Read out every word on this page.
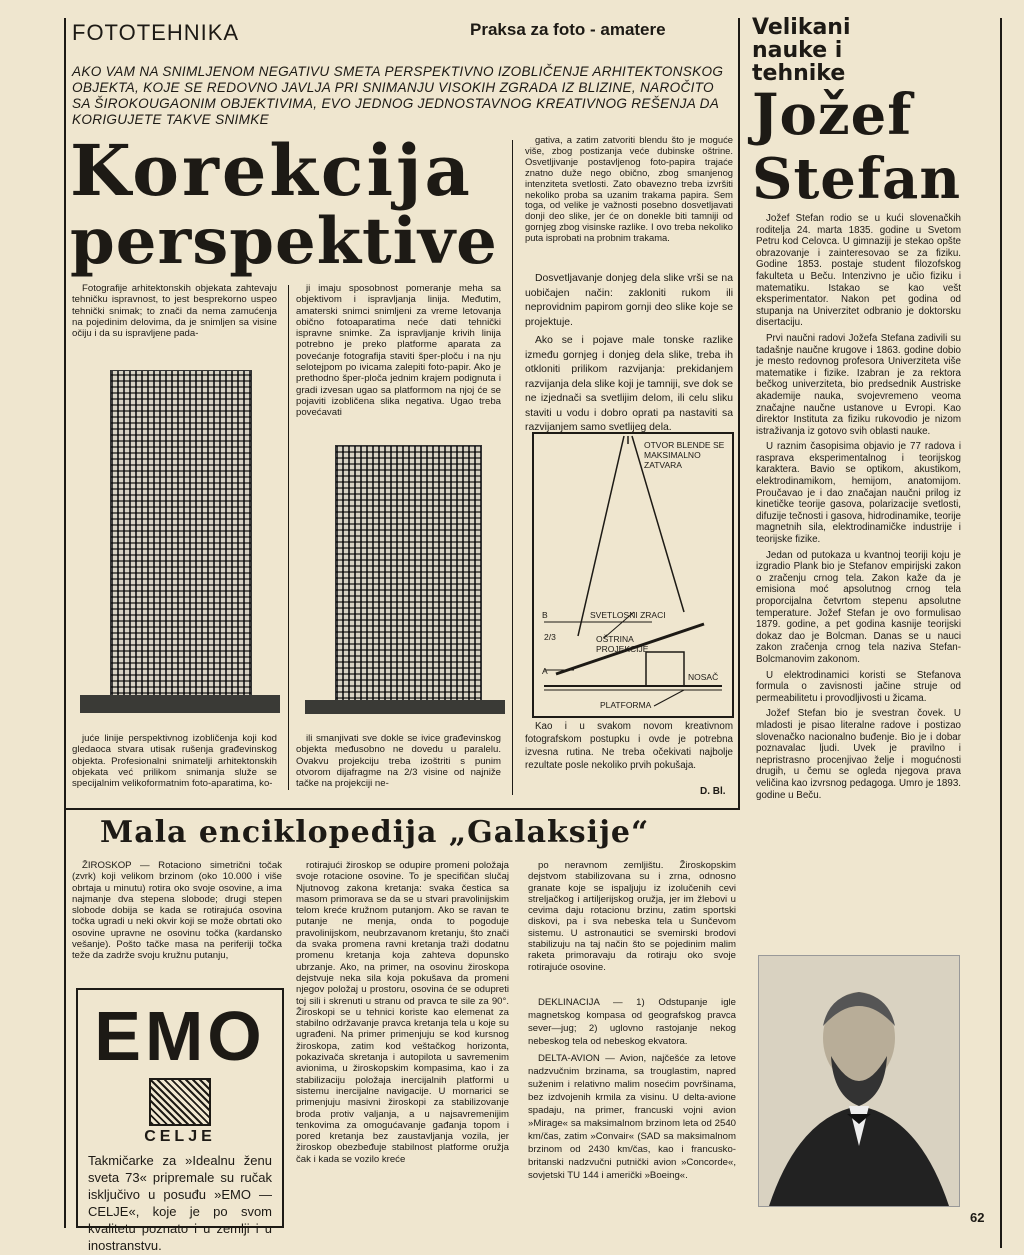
FOTOTEHNIKA	Praksa za foto - amatere	Velikani nauke i tehnike
AKO VAM NA SNIMLJENOM NEGATIVU SMETA PERSPEKTIVNO IZOBLIČENJE ARHITEKTONSKOG OBJEKTA, KOJE SE REDOVNO JAVLJA PRI SNIMANJU VISOKIH ZGRADA IZ BLIZINE, NAROČITO SA ŠIROKOUGAONIM OBJEKTIVIMA, EVO JEDNOG JEDNOSTAVNOG KREATIVNOG REŠENJA DA KORIGUJETE TAKVE SNIMKE
Korekcija
perspektive

Fotografije arhitektonskih objekata zahtevaju tehničku ispravnost, to jest besprekorno uspeo tehnički snimak; to znači da nema zamućenja na pojedinim delovima, da je snimljen sa visine očiju i da su ispravljene pada-

ji imaju sposobnost pomeranje meha sa objektivom i ispravljanja linija. Međutim, amaterski snimci snimljeni za vreme letovanja obično fotoaparatima neće dati tehnički ispravne snimke. Za ispravljanje krivih linija potrebno je preko platforme aparata za povećanje fotografija staviti šper-ploču i na nju selotejpom po ivicama zalepiti foto-papir. Ako je prethodno šper-ploča jednim krajem podignuta i gradi izvesan ugao sa platformom na njoj će se pojaviti izobličena slika negativa. Ugao treba povećavati

juće linije perspektivnog izobličenja koji kod gledaoca stvara utisak rušenja građevinskog objekta. Profesionalni snimatelji arhitektonskih objekata već prilikom snimanja služe se specijalnim velikoformatnim foto-aparatima, ko-

ili smanjivati sve dokle se ivice građevinskog objekta međusobno ne dovedu u paralelu. Ovakvu projekciju treba izoštriti s punim otvorom dijafragme na 2/3 visine od najniže tačke na projekciji ne-

gativa, a zatim zatvoriti blendu što je moguće više, zbog postizanja veće dubinske oštrine. Osvetljivanje postavljenog foto-papira trajaće znatno duže nego obično, zbog smanjenog intenziteta svetlosti. Zato obavezno treba izvršiti nekoliko proba sa uzanim trakama papira. Sem toga, od velike je važnosti posebno dosvetljavati donji deo slike, jer će on donekle biti tamniji od gornjeg zbog visinske razlike. I ovo treba nekoliko puta isprobati na probnim trakama.

Dosvetljavanje donjeg dela slike vrši se na uobičajen način: zakloniti rukom ili neprovidnim papirom gornji deo slike koje se projektuje.

Ako se i pojave male tonske razlike između gornjeg i donjeg dela slike, treba ih otkloniti prilikom razvijanja: prekidanjem razvijanja dela slike koji je tamniji, sve dok se ne izjednači sa svetlijim delom, ili celu sliku staviti u vodu i dobro oprati pa nastaviti sa razvijanjem samo svetlijeg dela.

OTVOR BLENDE SE MAKSIMALNO ZATVARA
SVETLOSNI ZRACI
OŠTRINA PROJEKCIJE
B
2/3
A
NOSAČ
PLATFORMA

Kao i u svakom novom kreativnom fotografskom postupku i ovde je potrebna izvesna rutina. Ne treba očekivati najbolje rezultate posle nekoliko prvih pokušaja.

D. Bl.
Jožef
Stefan

Jožef Stefan rodio se u kući slovenačkih roditelja 24. marta 1835. godine u Svetom Petru kod Celovca. U gimnaziji je stekao opšte obrazovanje i zainteresovao se za fiziku. Godine 1853. postaje student filozofskog fakulteta u Beču. Intenzivno je učio fiziku i matematiku. Istakao se kao vešt eksperimentator. Nakon pet godina od stupanja na Univerzitet odbranio je doktorsku disertaciju.

Prvi naučni radovi Jožefa Stefana zadivili su tadašnje naučne krugove i 1863. godine dobio je mesto redovnog profesora Univerziteta više matematike i fizike. Izabran je za rektora bečkog univerziteta, bio predsednik Austriske akademije nauka, svojevremeno veoma značajne naučne ustanove u Evropi. Kao direktor Instituta za fiziku rukovodio je nizom istraživanja iz gotovo svih oblasti nauke.

U raznim časopisima objavio je 77 radova i rasprava eksperimentalnog i teorijskog karaktera. Bavio se optikom, akustikom, elektrodinamikom, hemijom, anatomijom. Proučavao je i dao značajan naučni prilog iz kinetičke teorije gasova, polarizacije svetlosti, difuzije tečnosti i gasova, hidrodinamike, teorije magnetnih sila, elektrodinamičke industrije i teorijske fizike.

Jedan od putokaza u kvantnoj teoriji koju je izgradio Plank bio je Stefanov empirijski zakon o zračenju crnog tela. Zakon kaže da je emisiona moć apsolutnog crnog tela proporcijalna četvrtom stepenu apsolutne temperature. Jožef Stefan je ovo formulisao 1879. godine, a pet godina kasnije teorijski dokaz dao je Bolcman. Danas se u nauci zakon zračenja crnog tela naziva Stefan-Bolcmanovim zakonom.

U elektrodinamici koristi se Stefanova formula o zavisnosti jačine struje od permeabilitetu i provodljivosti u žicama.

Jožef Stefan bio je svestran čovek. U mladosti je pisao literalne radove i postizao slovenačko nacionalno buđenje. Bio je i dobar poznavalac ljudi. Uvek je pravilno i nepristrasno procenjivao želje i mogućnosti drugih, u čemu se ogleda njegova prava veličina kao izvrsnog pedagoga. Umro je 1893. godine u Beču.

Mala enciklopedija „Galaksije“

ŽIROSKOP — Rotaciono simetrični točak (zvrk) koji velikom brzinom (oko 10.000 i više obrtaja u minutu) rotira oko svoje osovine, a ima najmanje dva stepena slobode; drugi stepen slobode dobija se kada se rotirajuća osovina točka ugradi u neki okvir koji se može obrtati oko osovine upravne ne osovinu točka (kardansko vešanje). Pošto tačke masa na periferiji točka teže da zadrže svoju kružnu putanju,

rotirajući žiroskop se odupire promeni položaja svoje rotacione osovine. To je specifičan slučaj Njutnovog zakona kretanja: svaka čestica sa masom primorava se da se u stvari pravolinijskim telom kreće kružnom putanjom. Ako se ravan te putanje ne menja, onda to pogoduje pravolinijskom, neubrzavanom kretanju, što znači da svaka promena ravni kretanja traži dodatnu promenu kretanja koja zahteva dopunsko ubrzanje. Ako, na primer, na osovinu žiroskopa dejstvuje neka sila koja pokušava da promeni njegov položaj u prostoru, osovina će se odupreti toj sili i skrenuti u stranu od pravca te sile za 90°. Žiroskopi se u tehnici koriste kao elemenat za stabilno održavanje pravca kretanja tela u koje su ugrađeni. Na primer primenjuju se kod kursnog žiroskopa, zatim kod veštačkog horizonta, pokazivača skretanja i autopilota u savremenim avionima, u žiroskopskim kompasima, kao i za stabilizaciju položaja inercijalnih platformi u sistemu inercijalne navigacije. U mornarici se primenjuju masivni žiroskopi za stabilizovanje broda protiv valjanja, a u najsavremenijim tenkovima za omogućavanje gađanja topom i pored kretanja bez zaustavljanja vozila, jer žiroskop obezbeđuje stabilnost platforme oružja čak i kada se vozilo kreće

po neravnom zemljištu. Žiroskopskim dejstvom stabilizovana su i zrna, odnosno granate koje se ispaljuju iz izolučenih cevi streljačkog i artiljerijskog oružja, jer im žlebovi u cevima daju rotacionu brzinu, zatim sportski diskovi, pa i sva nebeska tela u Sunčevom sistemu. U astronautici se svemirski brodovi stabilizuju na taj način što se pojedinim malim raketa primoravaju da rotiraju oko svoje rotirajuće osovine.

DEKLINACIJA — 1) Odstupanje igle magnetskog kompasa od geografskog pravca sever—jug; 2) uglovno rastojanje nekog nebeskog tela od nebeskog ekvatora.

DELTA-AVION — Avion, najčešće za letove nadzvučnim brzinama, sa trouglastim, napred suženim i relativno malim nosećim površinama, bez izdvojenih krmila za visinu. U delta-avione spadaju, na primer, francuski vojni avion »Mirage« sa maksimalnom brzinom leta od 2540 km/čas, zatim »Convair« (SAD sa maksimalnom brzinom od 2430 km/čas, kao i francusko-britanski nadzvučni putnički avion »Concorde«, sovjetski TU 144 i američki »Boeing«.

EMO
CELJE
Takmičarke za »Idealnu ženu sveta 73« pripremale su ručak isključivo u posuđu »EMO — CELJE«, koje je po svom kvalitetu poznato i u zemlji i u inostranstvu.
62
